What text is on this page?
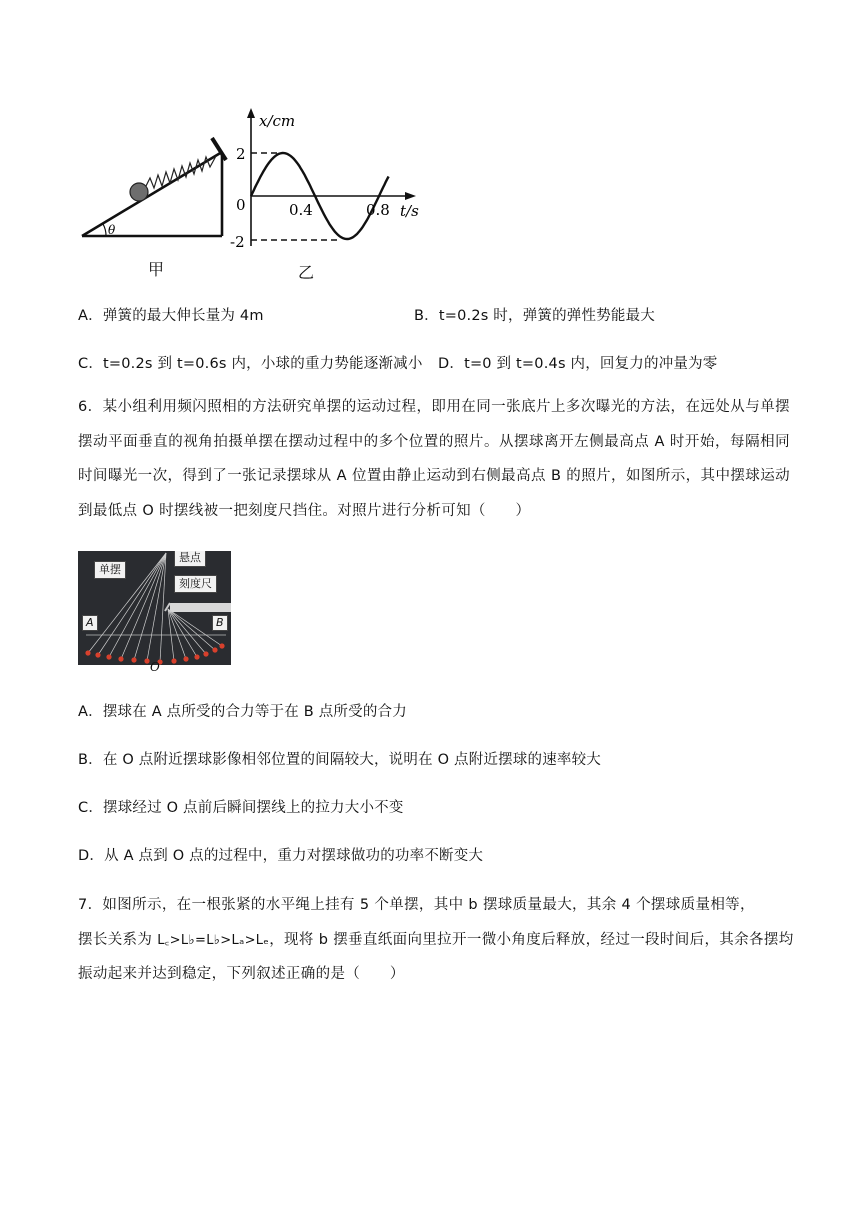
θ
甲
x/cm
t/s
2
0
-2
0.4	0.8
乙
A．弹簧的最大伸长量为 4m	B．t=0.2s 时，弹簧的弹性势能最大
C．t=0.2s 到 t=0.6s 内，小球的重力势能逐渐减小 D．t=0 到 t=0.4s 内，回复力的冲量为零
6．某小组利用频闪照相的方法研究单摆的运动过程，即用在同一张底片上多次曝光的方法，在远处从与单摆摆动平面垂直的视角拍摄单摆在摆动过程中的多个位置的照片。从摆球离开左侧最高点 A 时开始，每隔相同时间曝光一次，得到了一张记录摆球从 A 位置由静止运动到右侧最高点 B 的照片，如图所示，其中摆球运动到最低点 O 时摆线被一把刻度尺挡住。对照片进行分析可知（　　）
单摆
悬点
刻度尺
A	B
O
A．摆球在 A 点所受的合力等于在 B 点所受的合力
B．在 O 点附近摆球影像相邻位置的间隔较大，说明在 O 点附近摆球的速率较大
C．摆球经过 O 点前后瞬间摆线上的拉力大小不变
D．从 A 点到 O 点的过程中，重力对摆球做功的功率不断变大
7．如图所示，在一根张紧的水平绳上挂有 5 个单摆，其中 b 摆球质量最大，其余 4 个摆球质量相等，
摆长关系为 L꜀>L♭=L♭>Lₐ>Lₑ，现将 b 摆垂直纸面向里拉开一微小角度后释放，经过一段时间后，其余各摆均
振动起来并达到稳定，下列叙述正确的是（　　）
